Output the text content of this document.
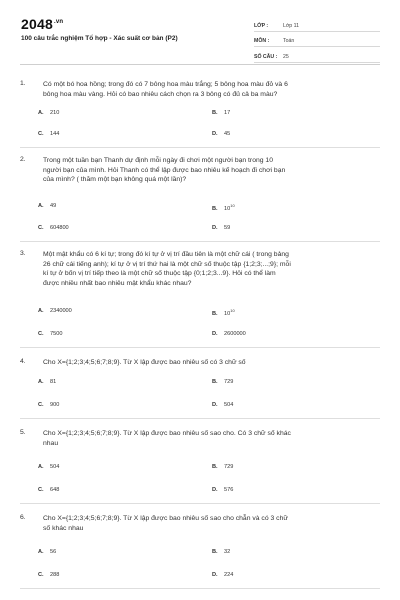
$2048^{.vn}$
100 câu trắc nghiệm Tổ hợp - Xác suất cơ bản (P2)
LỚP :	Lớp 11
MÔN :	Toán
SỐ CÂU :	25
1.	Có một bó hoa hồng; trong đó có 7 bông hoa màu trắng; 5 bông hoa màu đỏ và 6
bông hoa màu vàng. Hỏi có bao nhiêu cách chọn ra 3 bông có đủ cả ba màu?
A. 210	B. 17
C. 144	D. 45
2.	Trong một tuần bạn Thanh dự định mỗi ngày đi chơi một người bạn trong 10
người bạn của mình. Hỏi Thanh có thể lập được bao nhiêu kế hoạch đi chơi bạn
của mình? ( thăm một bạn không quá một lần)?
A. 49	B. $10^{10}$
C. 604800	D. 59
3.	Một mật khẩu có 6 kí tự; trong đó kí tự ở vị trí đầu tiên là một chữ cái ( trong bảng
26 chữ cái tiếng anh); kí tự ở vị trí thứ hai là một chữ số thuộc tập {1;2;3;...;9}; mỗi
kí tự ở bốn vị trí tiếp theo là một chữ số thuộc tập {0;1;2;3...9}. Hỏi có thể làm
được nhiều nhất bao nhiêu mật khẩu khác nhau?
A. 2340000	B. $10^{10}$
C. 7500	D. 2600000
4.	Cho X={1;2;3;4;5;6;7;8;9}. Từ X lập được bao nhiêu số có 3 chữ số
A. 81	B. 729
C. 900	D. 504
5.	Cho X={1;2;3;4;5;6;7;8;9}. Từ X lập được bao nhiêu số sao cho. Có 3 chữ số khác
nhau
A. 504	B. 729
C. 648	D. 576
6.	Cho X={1;2;3;4;5;6;7;8;9}. Từ X lập được bao nhiêu số sao cho chẵn và có 3 chữ
số khác nhau
A. 56	B. 32
C. 288	D. 224
